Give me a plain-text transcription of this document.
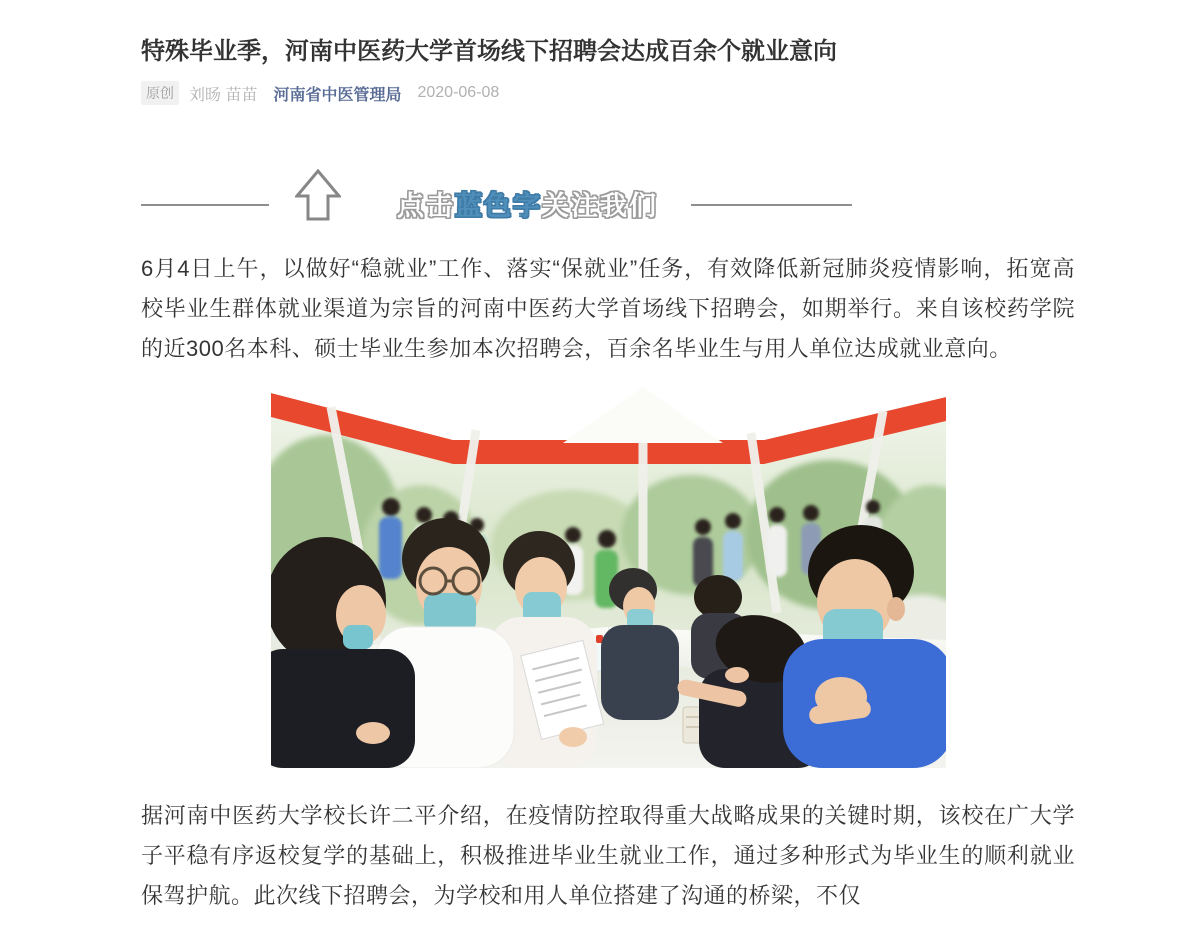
特殊毕业季，河南中医药大学首场线下招聘会达成百余个就业意向
原创 刘旸 苗苗 河南省中医管理局 2020-06-08
点击蓝色字关注我们

6月4日上午，以做好“稳就业”工作、落实“保就业”任务，有效降低新冠肺炎疫情影响，拓宽高校毕业生群体就业渠道为宗旨的河南中医药大学首场线下招聘会，如期举行。来自该校药学院的近300名本科、硕士毕业生参加本次招聘会，百余名毕业生与用人单位达成就业意向。

据河南中医药大学校长许二平介绍，在疫情防控取得重大战略成果的关键时期，该校在广大学子平稳有序返校复学的基础上，积极推进毕业生就业工作，通过多种形式为毕业生的顺利就业保驾护航。此次线下招聘会，为学校和用人单位搭建了沟通的桥梁，不仅
